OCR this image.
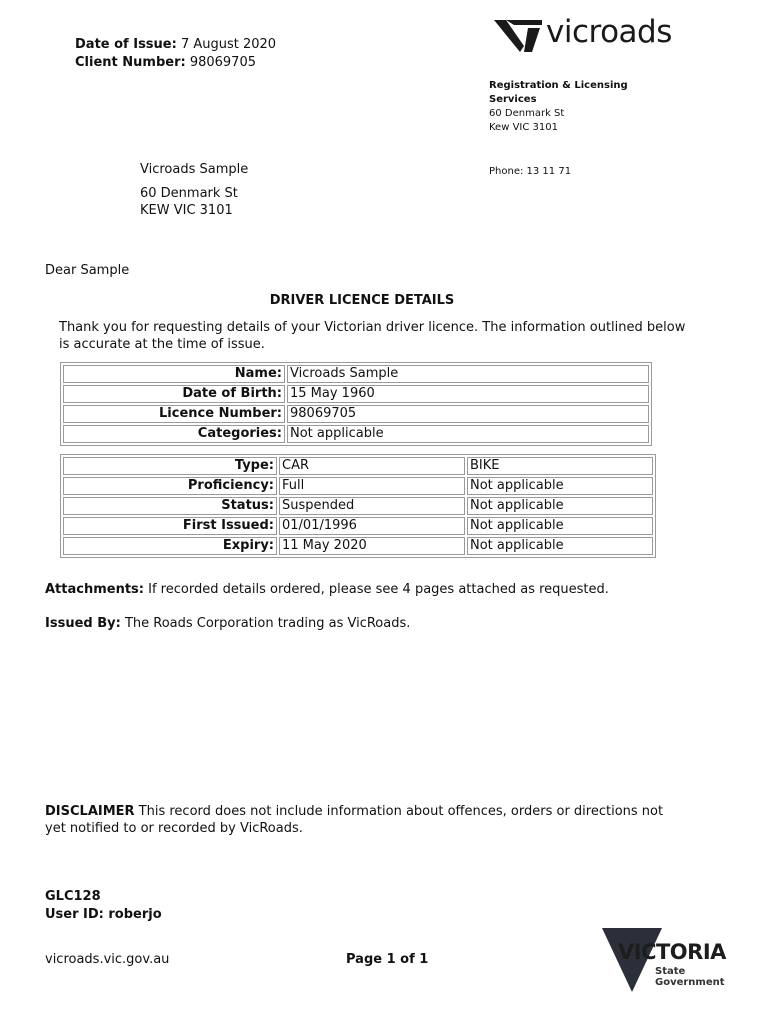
Date of Issue: 7 August 2020
Client Number: 98069705
vicroads
Registration & Licensing
Services
60 Denmark St
Kew VIC 3101
Phone: 13 11 71
Vicroads Sample
60 Denmark St
KEW VIC 3101
Dear Sample
DRIVER LICENCE DETAILS
Thank you for requesting details of your Victorian driver licence. The information outlined below is accurate at the time of issue.
Name:	Vicroads Sample
Date of Birth:	15 May 1960
Licence Number:	98069705
Categories:	Not applicable
Type:	CAR	BIKE
Proficiency:	Full	Not applicable
Status:	Suspended	Not applicable
First Issued:	01/01/1996	Not applicable
Expiry:	11 May 2020	Not applicable
Attachments: If recorded details ordered, please see 4 pages attached as requested.
Issued By: The Roads Corporation trading as VicRoads.
DISCLAIMER This record does not include information about offences, orders or directions not yet notified to or recorded by VicRoads.
GLC128
User ID: roberjo
vicroads.vic.gov.au	Page 1 of 1	VICTORIA
State
Government
